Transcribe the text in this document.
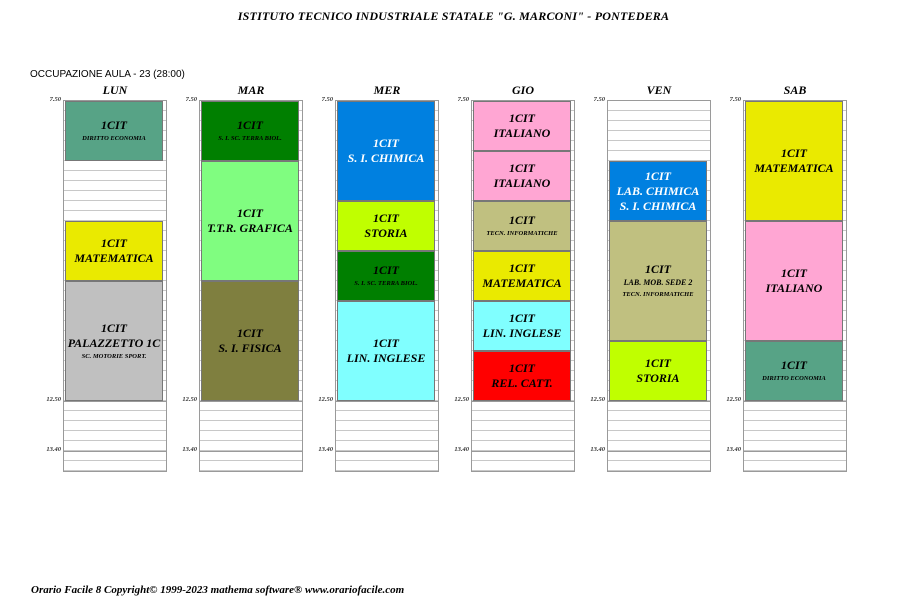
ISTITUTO TECNICO INDUSTRIALE STATALE "G. MARCONI" - PONTEDERA
OCCUPAZIONE AULA - 23 (28:00)
LUN
1CIT
DIRITTO ECONOMIA
1CIT
MATEMATICA
1CIT
PALAZZETTO 1C
SC. MOTORIE SPORT.
7.50
12.50
13.40
MAR
1CIT
S. I. SC. TERRA BIOL.
1CIT
T.T.R. GRAFICA
1CIT
S. I. FISICA
7.50
12.50
13.40
MER
1CIT
S. I. CHIMICA
1CIT
STORIA
1CIT
S. I. SC. TERRA BIOL.
1CIT
LIN. INGLESE
7.50
12.50
13.40
GIO
1CIT
ITALIANO
1CIT
ITALIANO
1CIT
TECN. INFORMATICHE
1CIT
MATEMATICA
1CIT
LIN. INGLESE
1CIT
REL. CATT.
7.50
12.50
13.40
VEN
1CIT
LAB. CHIMICA
S. I. CHIMICA
1CIT
LAB. MOB. SEDE 2
TECN. INFORMATICHE
1CIT
STORIA
7.50
12.50
13.40
SAB
1CIT
MATEMATICA
1CIT
ITALIANO
1CIT
DIRITTO ECONOMIA
7.50
12.50
13.40
Orario Facile 8 Copyright© 1999-2023 mathema software® www.orariofacile.com
